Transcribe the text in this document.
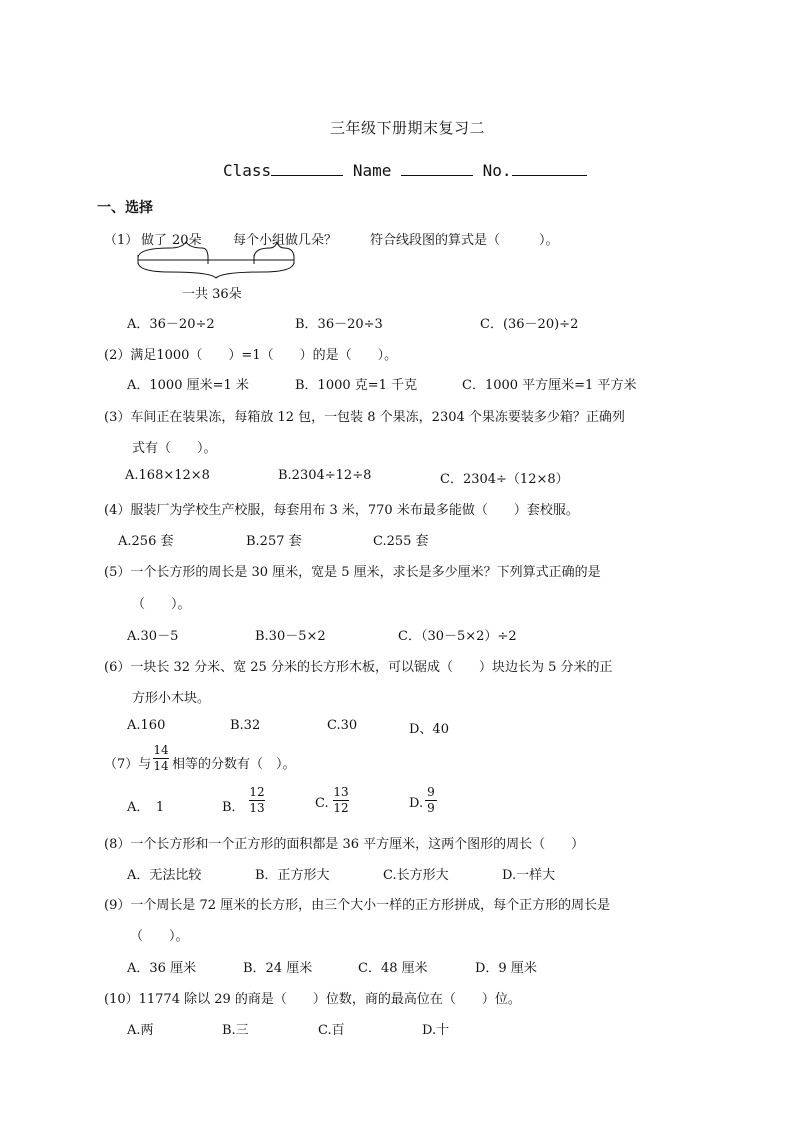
三年级下册期末复习二
Class	Name	No.
一、选择
（1） 做了 20朵 每个小组做几朵？	符合线段图的算式是（　　　）。
一共 36朵
A．36－20÷2	B．36－20÷3	C．(36－20)÷2
(2）满足1000（　　）=1（　　）的是（　　）。
A．1000 厘米=1 米	B．1000 克=1 千克	C．1000 平方厘米=1 平方米
(3）车间正在装果冻，每箱放 12 包，一包装 8 个果冻，2304 个果冻要装多少箱？正确列
式有（　　）。
A.168×12×8	B.2304÷12÷8	C．2304÷（12×8）
(4）服装厂为学校生产校服，每套用布 3 米，770 米布最多能做（　　）套校服。
A.256 套	B.257 套	C.255 套
(5）一个长方形的周长是 30 厘米，宽是 5 厘米，求长是多少厘米？下列算式正确的是
（　　）。
A.30－5	B.30－5×2	C．（30－5×2）÷2
(6）一块长 32 分米、宽 25 分米的长方形木板，可以锯成（　　）块边长为 5 分米的正
方形小木块。
A.160	B.32	C.30	D、40
（7）与
14
14 相等的分数有（　）。
A．　1	B．
12
13	C.
13
12	D.
9
9
(8）一个长方形和一个正方形的面积都是 36 平方厘米，这两个图形的周长（　　）
A．无法比较	B．正方形大	C.长方形大	D.一样大
(9）一个周长是 72 厘米的长方形，由三个大小一样的正方形拼成，每个正方形的周长是
（　　）。
A．36 厘米	B．24 厘米	C．48 厘米	D．9 厘米
(10）11774 除以 29 的商是（　　）位数，商的最高位在（　　）位。
A.两	B.三	C.百	D.十
